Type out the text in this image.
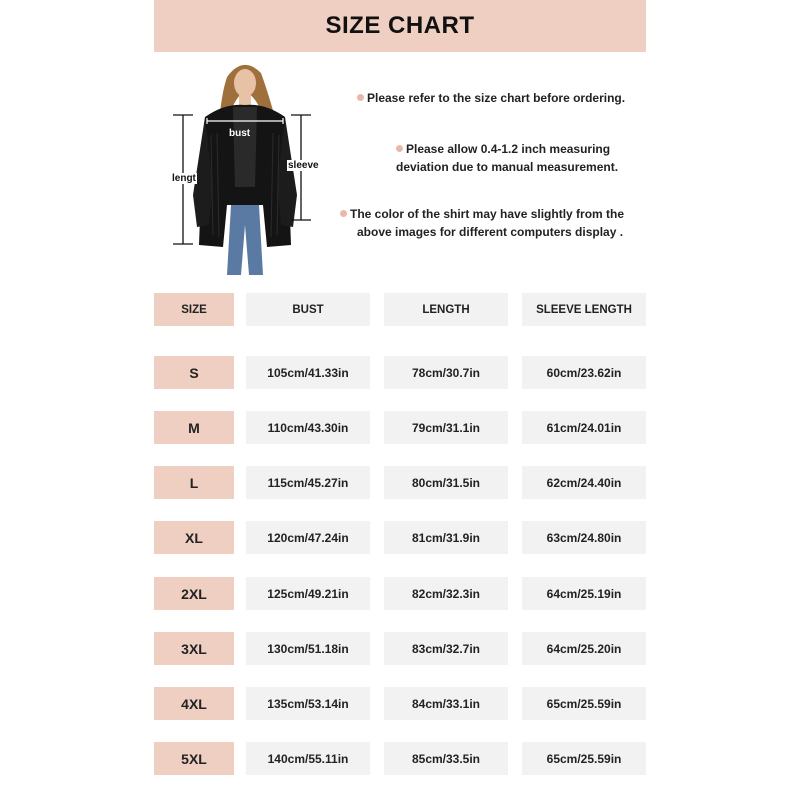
SIZE CHART
bust
sleeve
lengt
Please refer to the size chart before ordering.
Please allow 0.4-1.2 inch measuring
deviation due to manual measurement.
The color of the shirt may have slightly from the
above images for different computers display .
SIZE	BUST	LENGTH	SLEEVE LENGTH
S	105cm/41.33in	78cm/30.7in	60cm/23.62in
M	110cm/43.30in	79cm/31.1in	61cm/24.01in
L	115cm/45.27in	80cm/31.5in	62cm/24.40in
XL	120cm/47.24in	81cm/31.9in	63cm/24.80in
2XL	125cm/49.21in	82cm/32.3in	64cm/25.19in
3XL	130cm/51.18in	83cm/32.7in	64cm/25.20in
4XL	135cm/53.14in	84cm/33.1in	65cm/25.59in
5XL	140cm/55.11in	85cm/33.5in	65cm/25.59in
